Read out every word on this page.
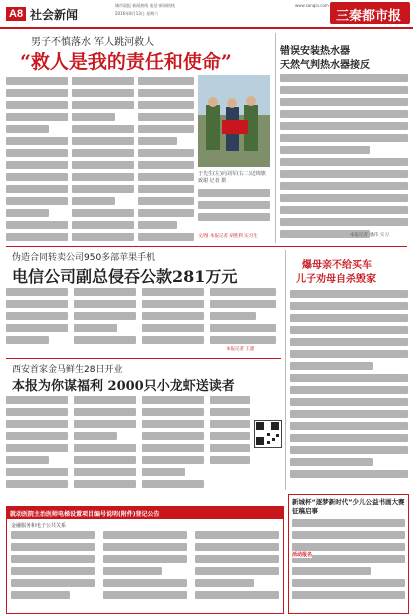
A8 社会新闻
城市晨报 新闻热线 电话·新闻热线
2016年8月13日 星期六
www.sanqin.com
三秦都市报
男子不慎落水 军人跳河救人
“救人是我的责任和使命”
于先生(左)向刘军(右二)送锦旗致谢 记者 摄
文/图 本报记者 胡胜利 实习生
错误安装热水器
天然气判热水器接反
本报记者 潘伟 实习
伪造合同转卖公司950多部苹果手机
电信公司副总侵吞公款281万元
本报记者 王建
爆母亲不给买车
儿子劝母自杀毁家
西安首家金马鲜生28日开业
本报为你谋福利 2000只小龙虾送读者
新城杯“逐梦新时代”少儿公益书画大赛征稿启事
活动报名
就动医院主治医师电梯设置项目编号说明(附件)登记公告
金融服务和电子公共关系
